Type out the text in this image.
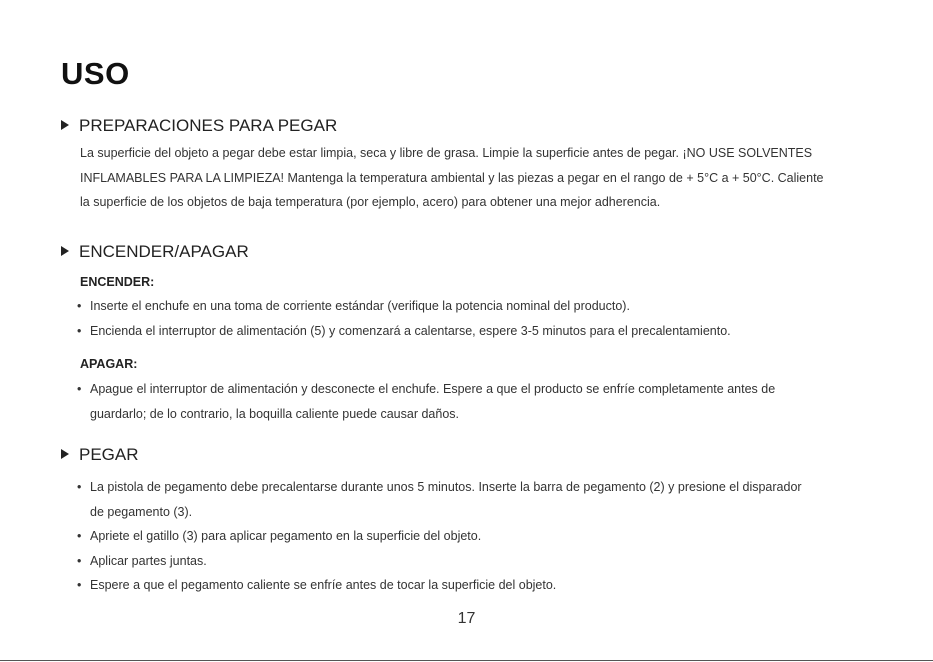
USO
PREPARACIONES PARA PEGAR

La superficie del objeto a pegar debe estar limpia, seca y libre de grasa. Limpie la superficie antes de pegar. ¡NO USE SOLVENTES
INFLAMABLES PARA LA LIMPIEZA! Mantenga la temperatura ambiental y las piezas a pegar en el rango de + 5°C a + 50°C. Caliente
la superficie de los objetos de baja temperatura (por ejemplo, acero) para obtener una mejor adherencia.

ENCENDER/APAGAR
ENCENDER:
• Inserte el enchufe en una toma de corriente estándar (verifique la potencia nominal del producto).
• Encienda el interruptor de alimentación (5) y comenzará a calentarse, espere 3-5 minutos para el precalentamiento.
APAGAR:
• Apague el interruptor de alimentación y desconecte el enchufe. Espere a que el producto se enfríe completamente antes de
guardarlo; de lo contrario, la boquilla caliente puede causar daños.
PEGAR
• La pistola de pegamento debe precalentarse durante unos 5 minutos. Inserte la barra de pegamento (2) y presione el disparador
de pegamento (3).
• Apriete el gatillo (3) para aplicar pegamento en la superficie del objeto.
• Aplicar partes juntas.
• Espere a que el pegamento caliente se enfríe antes de tocar la superficie del objeto.
17
